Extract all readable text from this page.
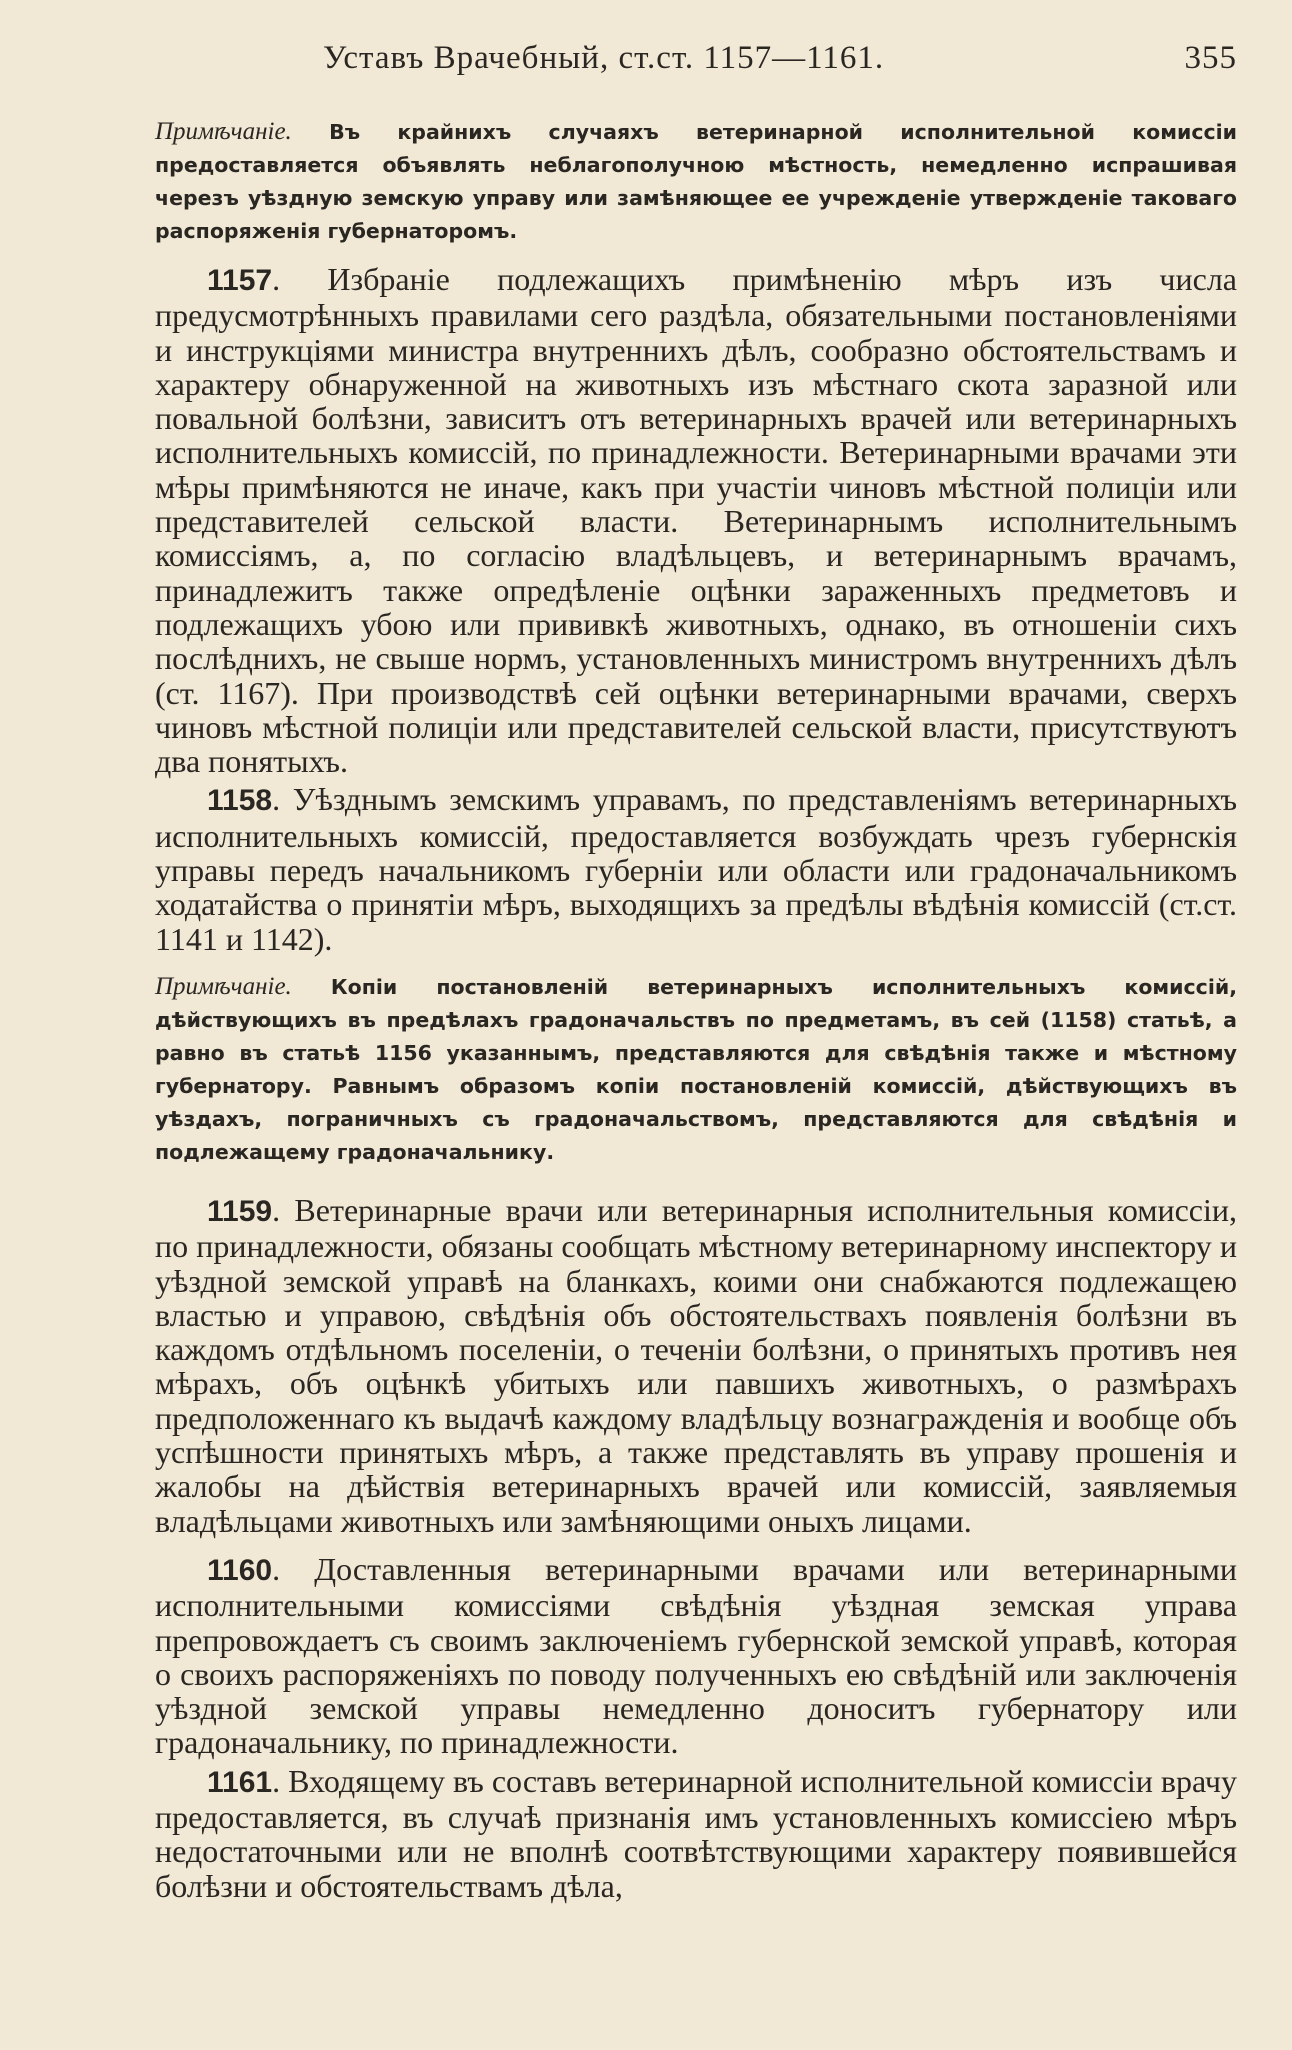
Уставъ Врачебный, ст.ст. 1157—1161.	355

Примѣчаніе. Въ крайнихъ случаяхъ ветеринарной исполнительной комиссіи предоставляется объявлять неблагополучною мѣстность, немедленно испрашивая черезъ уѣздную земскую управу или замѣняющее ее учрежденіе утвержденіе таковаго распоряженія губернаторомъ.

1157. Избраніе подлежащихъ примѣненію мѣръ изъ числа предусмотрѣнныхъ правилами сего раздѣла, обязательными постановленіями и инструкціями министра внутреннихъ дѣлъ, сообразно обстоятельствамъ и характеру обнаруженной на животныхъ изъ мѣстнаго скота заразной или повальной болѣзни, зависитъ отъ ветеринарныхъ врачей или ветеринарныхъ исполнительныхъ комиссій, по принадлежности. Ветеринарными врачами эти мѣры примѣняются не иначе, какъ при участіи чиновъ мѣстной полиціи или представителей сельской власти. Ветеринарнымъ исполнительнымъ комиссіямъ, а, по согласію владѣльцевъ, и ветеринарнымъ врачамъ, принадлежитъ также опредѣленіе оцѣнки зараженныхъ предметовъ и подлежащихъ убою или прививкѣ животныхъ, однако, въ отношеніи сихъ послѣднихъ, не свыше нормъ, установленныхъ министромъ внутреннихъ дѣлъ (ст. 1167). При производствѣ сей оцѣнки ветеринарными врачами, сверхъ чиновъ мѣстной полиціи или представителей сельской власти, присутствуютъ два понятыхъ.

1158. Уѣзднымъ земскимъ управамъ, по представленіямъ ветеринарныхъ исполнительныхъ комиссій, предоставляется возбуждать чрезъ губернскія управы передъ начальникомъ губерніи или области или градоначальникомъ ходатайства о принятіи мѣръ, выходящихъ за предѣлы вѣдѣнія комиссій (ст.ст. 1141 и 1142).

Примѣчаніе. Копіи постановленій ветеринарныхъ исполнительныхъ комиссій, дѣйствующихъ въ предѣлахъ градоначальствъ по предметамъ, въ сей (1158) статьѣ, а равно въ статьѣ 1156 указаннымъ, представляются для свѣдѣнія также и мѣстному губернатору. Равнымъ образомъ копіи постановленій комиссій, дѣйствующихъ въ уѣздахъ, пограничныхъ съ градоначальствомъ, представляются для свѣдѣнія и подлежащему градоначальнику.

1159. Ветеринарные врачи или ветеринарныя исполнительныя комиссіи, по принадлежности, обязаны сообщать мѣстному ветеринарному инспектору и уѣздной земской управѣ на бланкахъ, коими они снабжаются подлежащею властью и управою, свѣдѣнія объ обстоятельствахъ появленія болѣзни въ каждомъ отдѣльномъ поселеніи, о теченіи болѣзни, о принятыхъ противъ нея мѣрахъ, объ оцѣнкѣ убитыхъ или павшихъ животныхъ, о размѣрахъ предположеннаго къ выдачѣ каждому владѣльцу вознагражденія и вообще объ успѣшности принятыхъ мѣръ, а также представлять въ управу прошенія и жалобы на дѣйствія ветеринарныхъ врачей или комиссій, заявляемыя владѣльцами животныхъ или замѣняющими оныхъ лицами.

1160. Доставленныя ветеринарными врачами или ветеринарными исполнительными комиссіями свѣдѣнія уѣздная земская управа препровождаетъ съ своимъ заключеніемъ губернской земской управѣ, которая о своихъ распоряженіяхъ по поводу полученныхъ ею свѣдѣній или заключенія уѣздной земской управы немедленно доноситъ губернатору или градоначальнику, по принадлежности.

1161. Входящему въ составъ ветеринарной исполнительной комиссіи врачу предоставляется, въ случаѣ признанія имъ установленныхъ комиссіею мѣръ недостаточными или не вполнѣ соотвѣтствующими характеру появившейся болѣзни и обстоятельствамъ дѣла,
